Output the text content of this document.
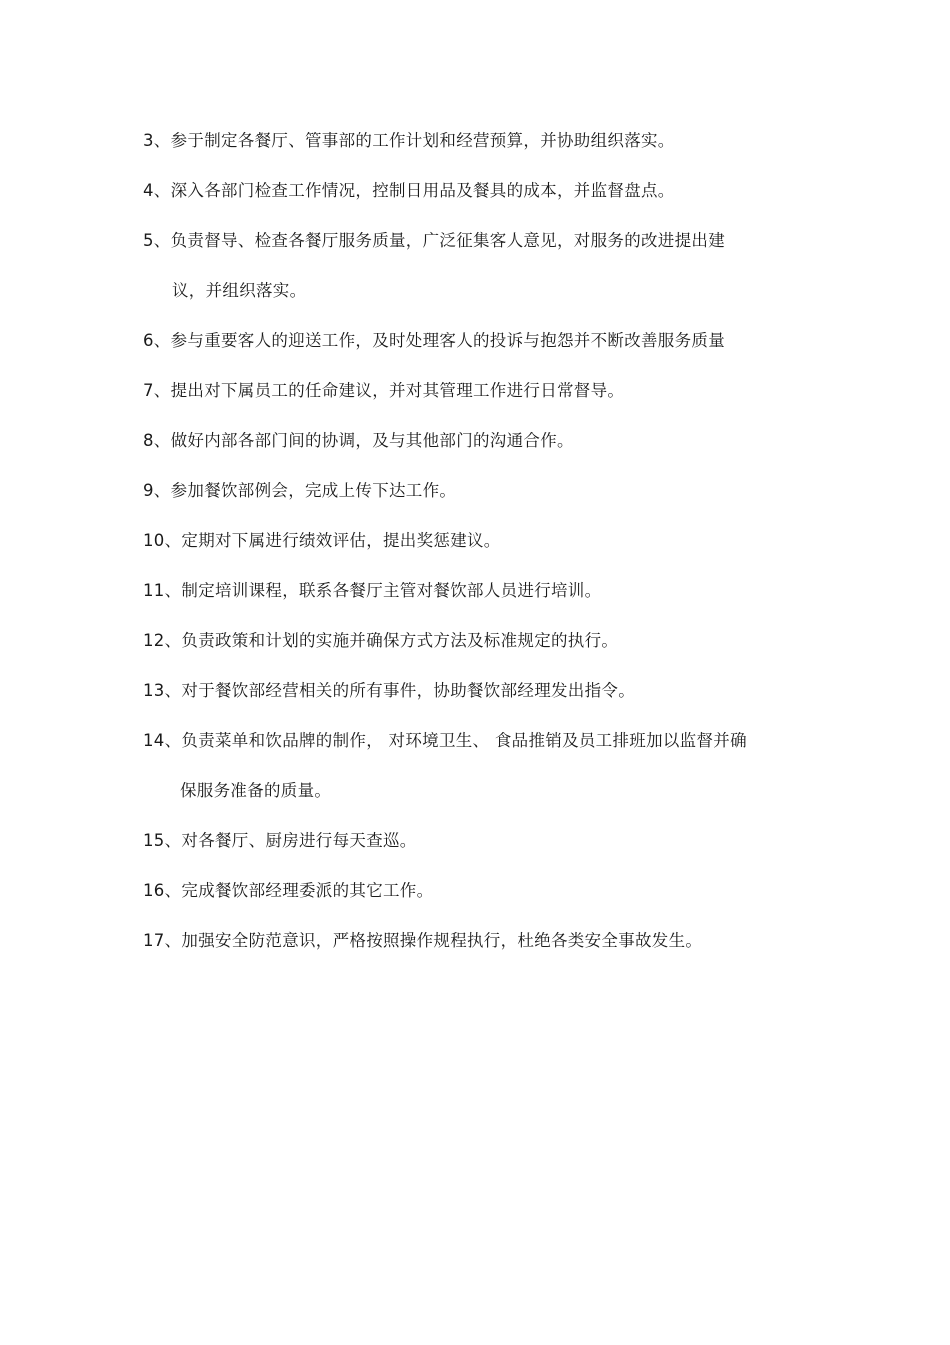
3、参于制定各餐厅、管事部的工作计划和经营预算，并协助组织落实。
4、深入各部门检查工作情况，控制日用品及餐具的成本，并监督盘点。
5、负责督导、检查各餐厅服务质量，广泛征集客人意见，对服务的改进提出建
议，并组织落实。
6、参与重要客人的迎送工作，及时处理客人的投诉与抱怨并不断改善服务质量
7、提出对下属员工的任命建议，并对其管理工作进行日常督导。
8、做好内部各部门间的协调，及与其他部门的沟通合作。
9、参加餐饮部例会，完成上传下达工作。
10、定期对下属进行绩效评估，提出奖惩建议。
11、制定培训课程，联系各餐厅主管对餐饮部人员进行培训。
12、负责政策和计划的实施并确保方式方法及标准规定的执行。
13、对于餐饮部经营相关的所有事件，协助餐饮部经理发出指令。
14、负责菜单和饮品牌的制作， 对环境卫生、 食品推销及员工排班加以监督并确
保服务准备的质量。
15、对各餐厅、厨房进行每天查巡。
16、完成餐饮部经理委派的其它工作。
17、加强安全防范意识，严格按照操作规程执行，杜绝各类安全事故发生。
